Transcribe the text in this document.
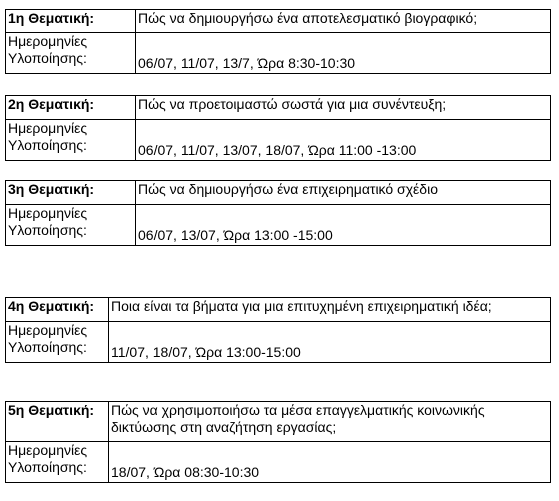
1η Θεματική:	Πώς να δημιουργήσω ένα αποτελεσματικό βιογραφικό;

Ημερομηνίες
Υλοποίησης:	06/07, 11/07, 13/7, Ώρα 8:30-10:30
2η Θεματική:	Πώς να προετοιμαστώ σωστά για μια συνέντευξη;

Ημερομηνίες
Υλοποίησης:	06/07, 11/07, 13/07, 18/07, Ώρα 11:00 -13:00
3η Θεματική:	Πώς να δημιουργήσω ένα επιχειρηματικό σχέδιο

Ημερομηνίες
Υλοποίησης:	06/07, 13/07, Ώρα 13:00 -15:00
4η Θεματική:	Ποια είναι τα βήματα για μια επιτυχημένη επιχειρηματική ιδέα;

Ημερομηνίες
Υλοποίησης:	11/07, 18/07, Ώρα 13:00-15:00
5η Θεματική:	Πώς να χρησιμοποιήσω τα μέσα επαγγελματικής κοινωνικής
δικτύωσης στη αναζήτηση εργασίας;

Ημερομηνίες
Υλοποίησης:	18/07, Ώρα 08:30-10:30
